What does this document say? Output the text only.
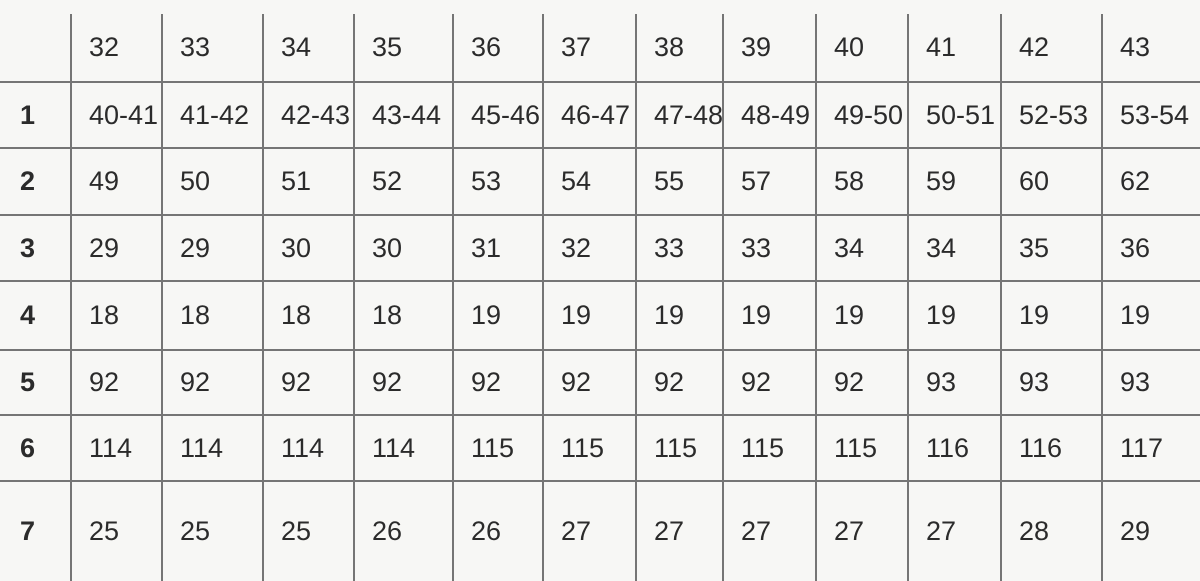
	32	33	34	35	36	37	38	39	40	41	42	43
1	40-41	41-42	42-43	43-44	45-46	46-47	47-48	48-49	49-50	50-51	52-53	53-54
2	49	50	51	52	53	54	55	57	58	59	60	62
3	29	29	30	30	31	32	33	33	34	34	35	36
4	18	18	18	18	19	19	19	19	19	19	19	19
5	92	92	92	92	92	92	92	92	92	93	93	93
6	114	114	114	114	115	115	115	115	115	116	116	117
7	25	25	25	26	26	27	27	27	27	27	28	29
